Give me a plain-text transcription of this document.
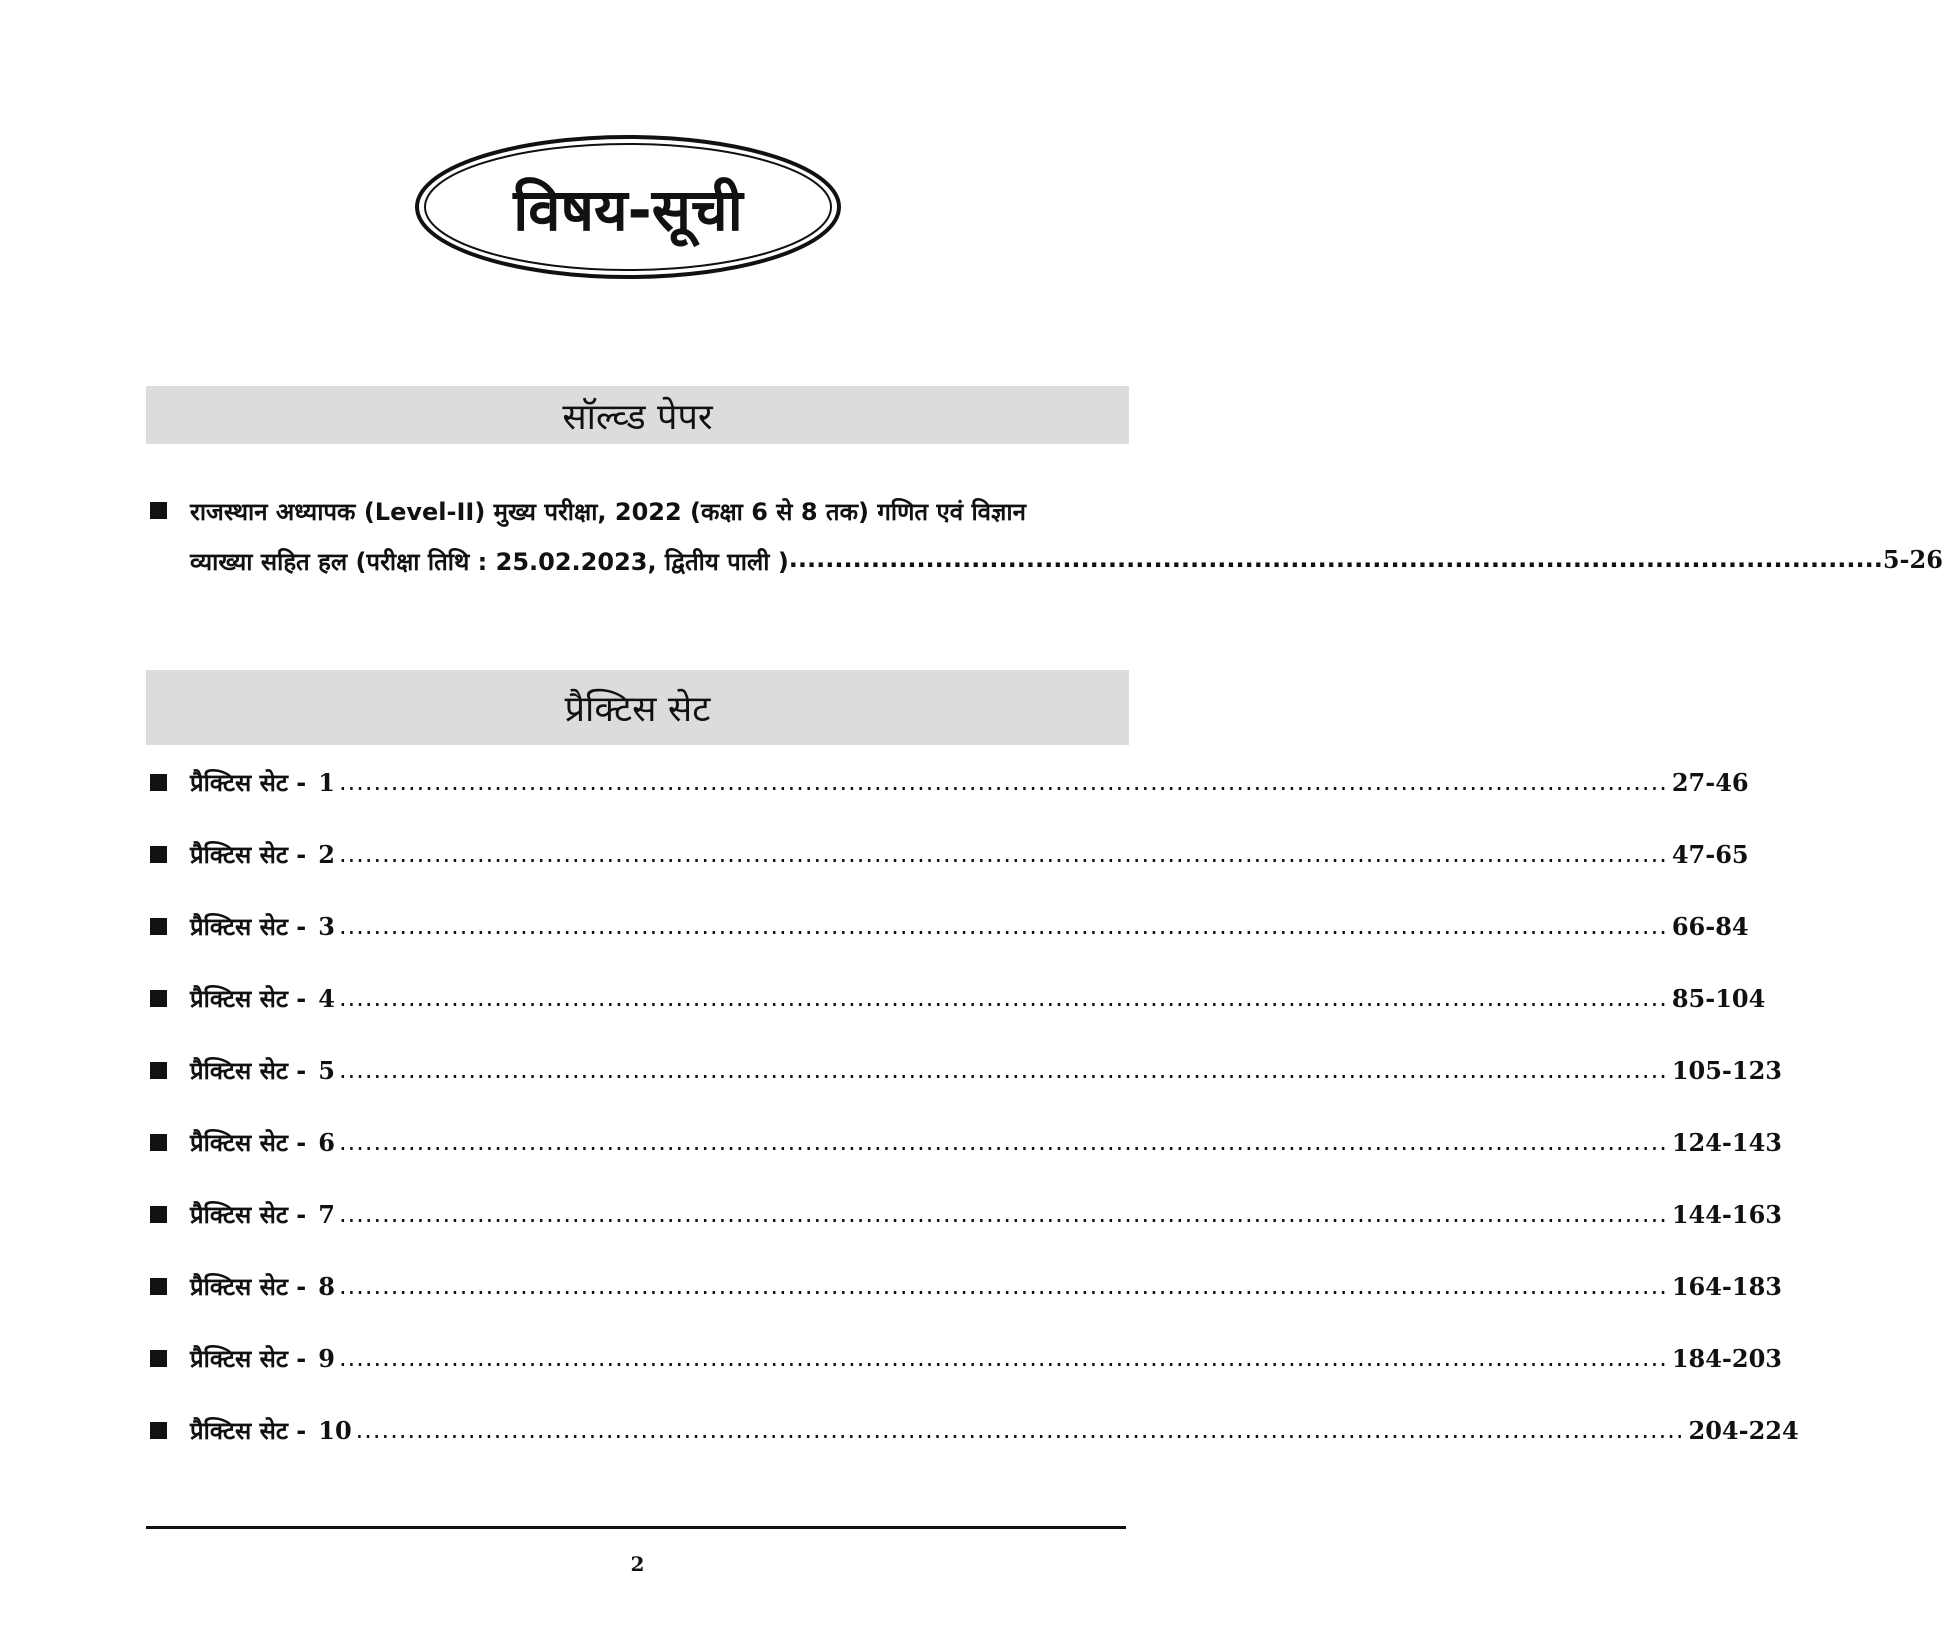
विषय-सूची
सॉल्व्ड पेपर
राजस्थान अध्यापक (Level-II) मुख्य परीक्षा, 2022 (कक्षा 6 से 8 तक) गणित एवं विज्ञान
व्याख्या सहित हल (परीक्षा तिथि : 25.02.2023, द्वितीय पाली ) ........................................................................................................................ 5-26
प्रैक्टिस सेट
प्रैक्टिस सेट - 1 .......................................................................................................................................................... 27-46
प्रैक्टिस सेट - 2 .......................................................................................................................................................... 47-65
प्रैक्टिस सेट - 3 .......................................................................................................................................................... 66-84
प्रैक्टिस सेट - 4 .......................................................................................................................................................... 85-104
प्रैक्टिस सेट - 5 .......................................................................................................................................................... 105-123
प्रैक्टिस सेट - 6 .......................................................................................................................................................... 124-143
प्रैक्टिस सेट - 7 .......................................................................................................................................................... 144-163
प्रैक्टिस सेट - 8 .......................................................................................................................................................... 164-183
प्रैक्टिस सेट - 9 .......................................................................................................................................................... 184-203
प्रैक्टिस सेट - 10 .......................................................................................................................................................... 204-224
2
